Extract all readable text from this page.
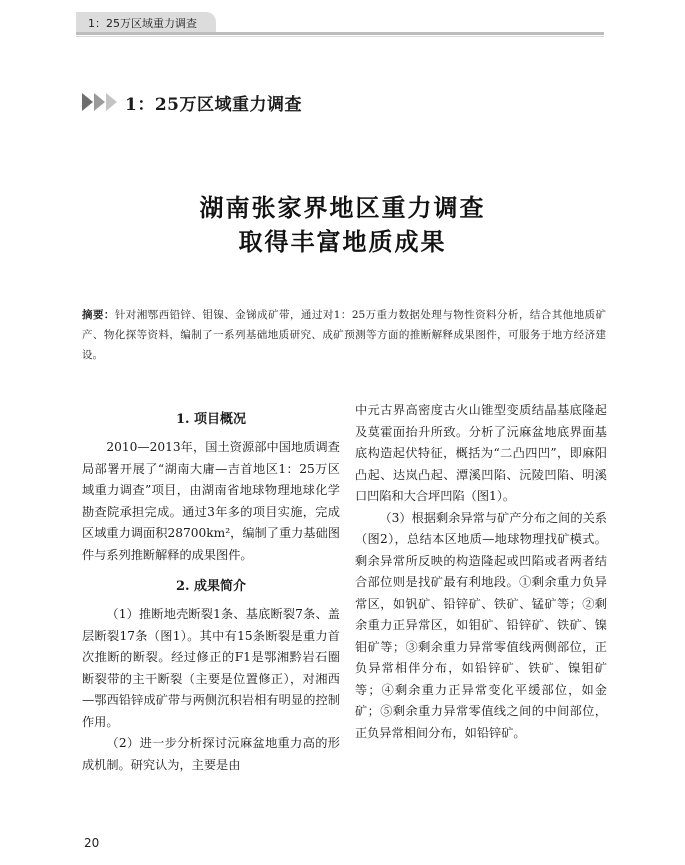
1：25万区域重力调查
1：25万区域重力调查
湖南张家界地区重力调查
取得丰富地质成果
摘要：针对湘鄂西铅锌、钼镍、金锑成矿带，通过对1：25万重力数据处理与物性资料分析，结合其他地质矿产、物化探等资料，编制了一系列基础地质研究、成矿预测等方面的推断解释成果图件，可服务于地方经济建设。
1. 项目概况

2010—2013年，国土资源部中国地质调查局部署开展了“湖南大庸—吉首地区1：25万区域重力调查”项目，由湖南省地球物理地球化学勘查院承担完成。通过3年多的项目实施，完成区域重力调面积28700km²，编制了重力基础图件与系列推断解释的成果图件。

2. 成果简介

（1）推断地壳断裂1条、基底断裂7条、盖层断裂17条（图1）。其中有15条断裂是重力首次推断的断裂。经过修正的F1是鄂湘黔岩石圈断裂带的主干断裂（主要是位置修正），对湘西—鄂西铅锌成矿带与两侧沉积岩相有明显的控制作用。

（2）进一步分析探讨沅麻盆地重力高的形成机制。研究认为，主要是由

中元古界高密度古火山锥型变质结晶基底隆起及莫霍面抬升所致。分析了沅麻盆地底界面基底构造起伏特征，概括为“二凸四凹”，即麻阳凸起、达岚凸起、潭溪凹陷、沅陵凹陷、明溪口凹陷和大合坪凹陷（图1）。

（3）根据剩余异常与矿产分布之间的关系（图2），总结本区地质—地球物理找矿模式。剩余异常所反映的构造隆起或凹陷或者两者结合部位则是找矿最有利地段。①剩余重力负异常区，如钒矿、铅锌矿、铁矿、锰矿等；②剩余重力正异常区，如钼矿、铅锌矿、铁矿、镍钼矿等；③剩余重力异常零值线两侧部位，正负异常相伴分布，如铅锌矿、铁矿、镍钼矿等；④剩余重力正异常变化平缓部位，如金矿；⑤剩余重力异常零值线之间的中间部位，正负异常相间分布，如铅锌矿。

20
